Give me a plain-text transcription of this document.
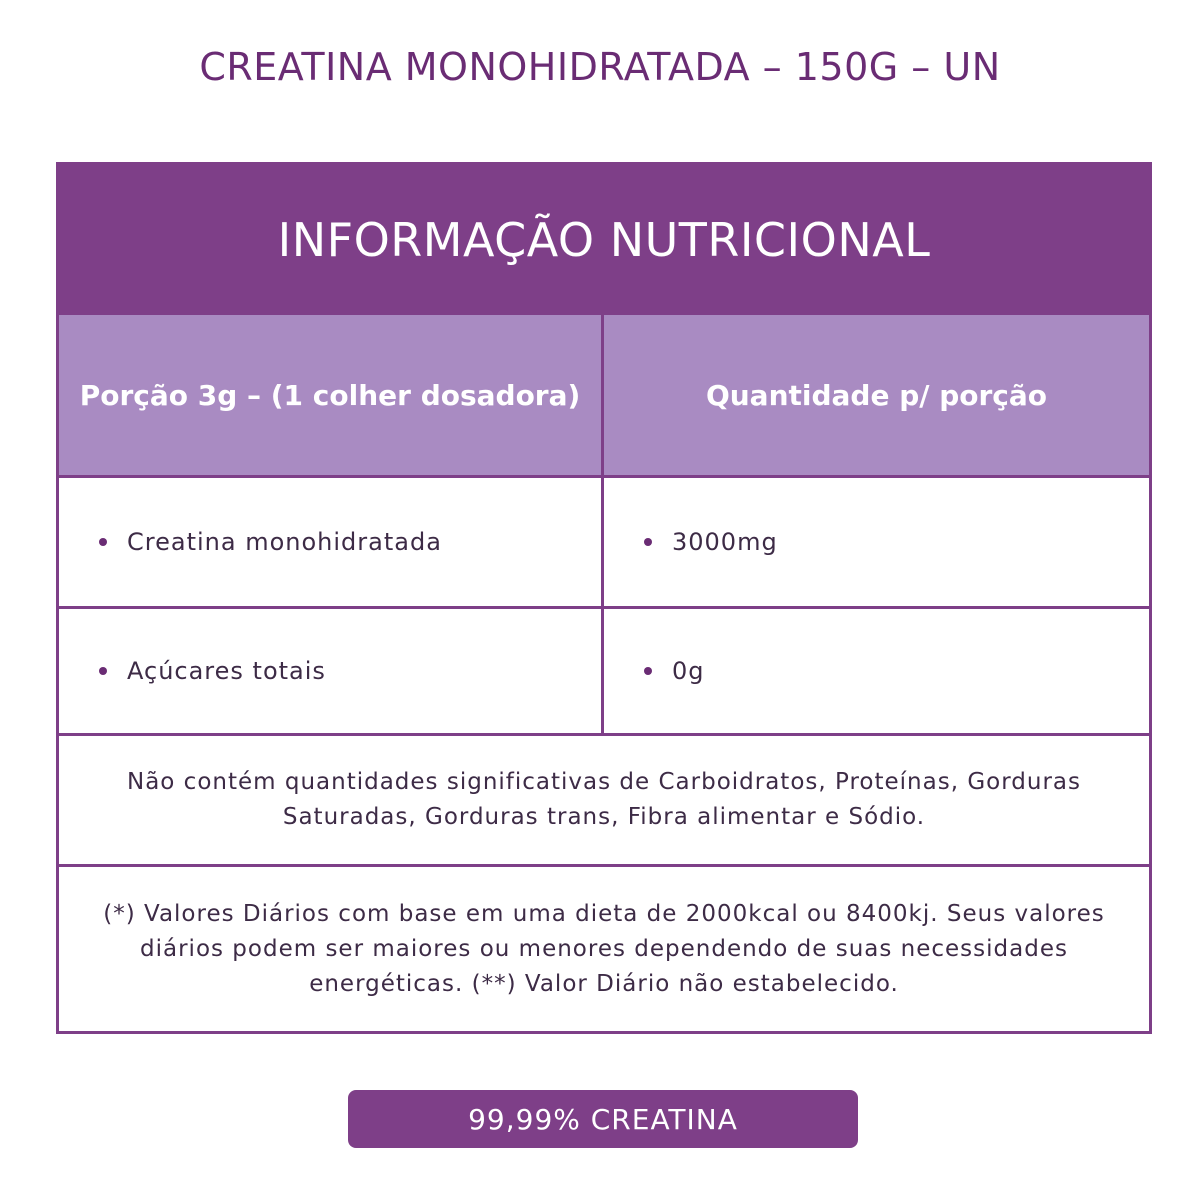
CREATINA MONOHIDRATADA – 150G – UN
INFORMAÇÃO NUTRICIONAL
Porção 3g – (1 colher dosadora)	Quantidade p/ porção
Creatina monohidratada	3000mg
Açúcares totais	0g
Não contém quantidades significativas de Carboidratos, Proteínas, Gorduras Saturadas, Gorduras trans, Fibra alimentar e Sódio.
(*) Valores Diários com base em uma dieta de 2000kcal ou 8400kj. Seus valores diários podem ser maiores ou menores dependendo de suas necessidades energéticas. (**) Valor Diário não estabelecido.
99,99% CREATINA
